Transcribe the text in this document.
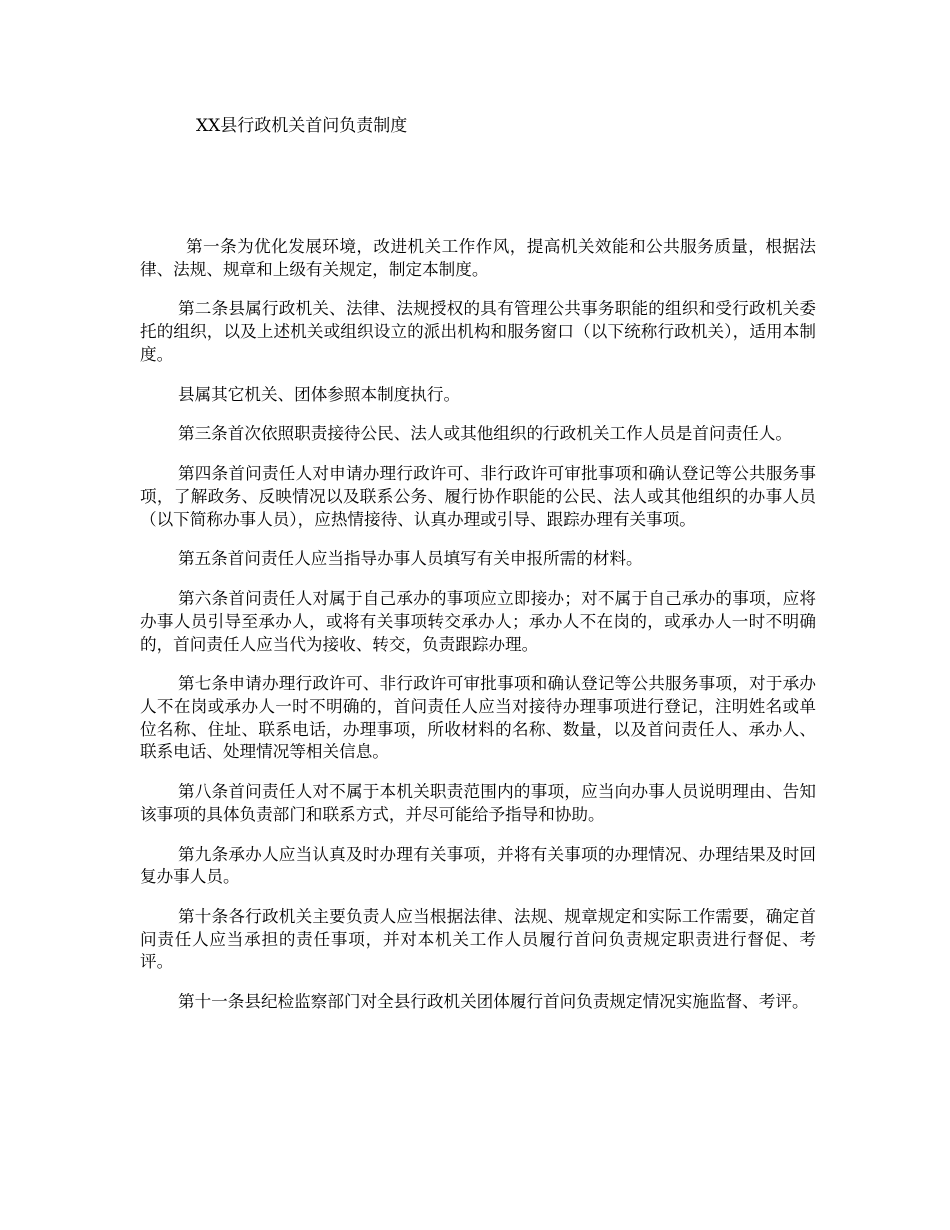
XX县行政机关首问负责制度

第一条为优化发展环境，改进机关工作作风，提高机关效能和公共服务质量，根据法律、法规、规章和上级有关规定，制定本制度。

第二条县属行政机关、法律、法规授权的具有管理公共事务职能的组织和受行政机关委托的组织，以及上述机关或组织设立的派出机构和服务窗口（以下统称行政机关），适用本制度。

县属其它机关、团体参照本制度执行。

第三条首次依照职责接待公民、法人或其他组织的行政机关工作人员是首问责任人。

第四条首问责任人对申请办理行政许可、非行政许可审批事项和确认登记等公共服务事项，了解政务、反映情况以及联系公务、履行协作职能的公民、法人或其他组织的办事人员（以下简称办事人员），应热情接待、认真办理或引导、跟踪办理有关事项。

第五条首问责任人应当指导办事人员填写有关申报所需的材料。

第六条首问责任人对属于自己承办的事项应立即接办；对不属于自己承办的事项，应将办事人员引导至承办人，或将有关事项转交承办人；承办人不在岗的，或承办人一时不明确的，首问责任人应当代为接收、转交，负责跟踪办理。

第七条申请办理行政许可、非行政许可审批事项和确认登记等公共服务事项，对于承办人不在岗或承办人一时不明确的，首问责任人应当对接待办理事项进行登记，注明姓名或单位名称、住址、联系电话，办理事项，所收材料的名称、数量，以及首问责任人、承办人、联系电话、处理情况等相关信息。

第八条首问责任人对不属于本机关职责范围内的事项，应当向办事人员说明理由、告知该事项的具体负责部门和联系方式，并尽可能给予指导和协助。

第九条承办人应当认真及时办理有关事项，并将有关事项的办理情况、办理结果及时回复办事人员。

第十条各行政机关主要负责人应当根据法律、法规、规章规定和实际工作需要，确定首问责任人应当承担的责任事项，并对本机关工作人员履行首问负责规定职责进行督促、考评。

第十一条县纪检监察部门对全县行政机关团体履行首问负责规定情况实施监督、考评。
